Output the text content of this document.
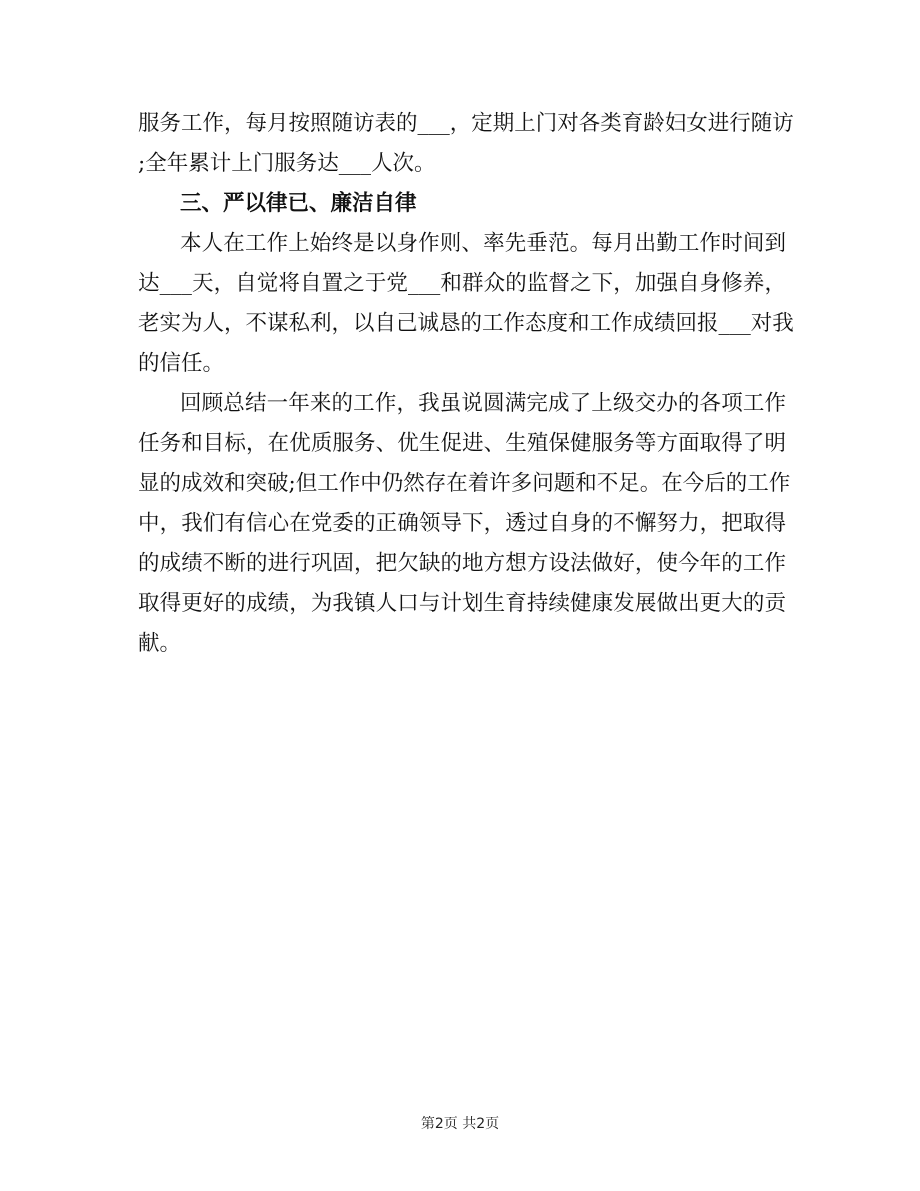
服务工作，每月按照随访表的___，定期上门对各类育龄妇女进行随访
;全年累计上门服务达___人次。
三、严以律已、廉洁自律
本人在工作上始终是以身作则、率先垂范。每月出勤工作时间到
达___天，自觉将自置之于党___和群众的监督之下，加强自身修养，
老实为人，不谋私利，以自己诚恳的工作态度和工作成绩回报___对我
的信任。
回顾总结一年来的工作，我虽说圆满完成了上级交办的各项工作
任务和目标，在优质服务、优生促进、生殖保健服务等方面取得了明
显的成效和突破;但工作中仍然存在着许多问题和不足。在今后的工作
中，我们有信心在党委的正确领导下，透过自身的不懈努力，把取得
的成绩不断的进行巩固，把欠缺的地方想方设法做好，使今年的工作
取得更好的成绩，为我镇人口与计划生育持续健康发展做出更大的贡
献。
第2页 共2页
